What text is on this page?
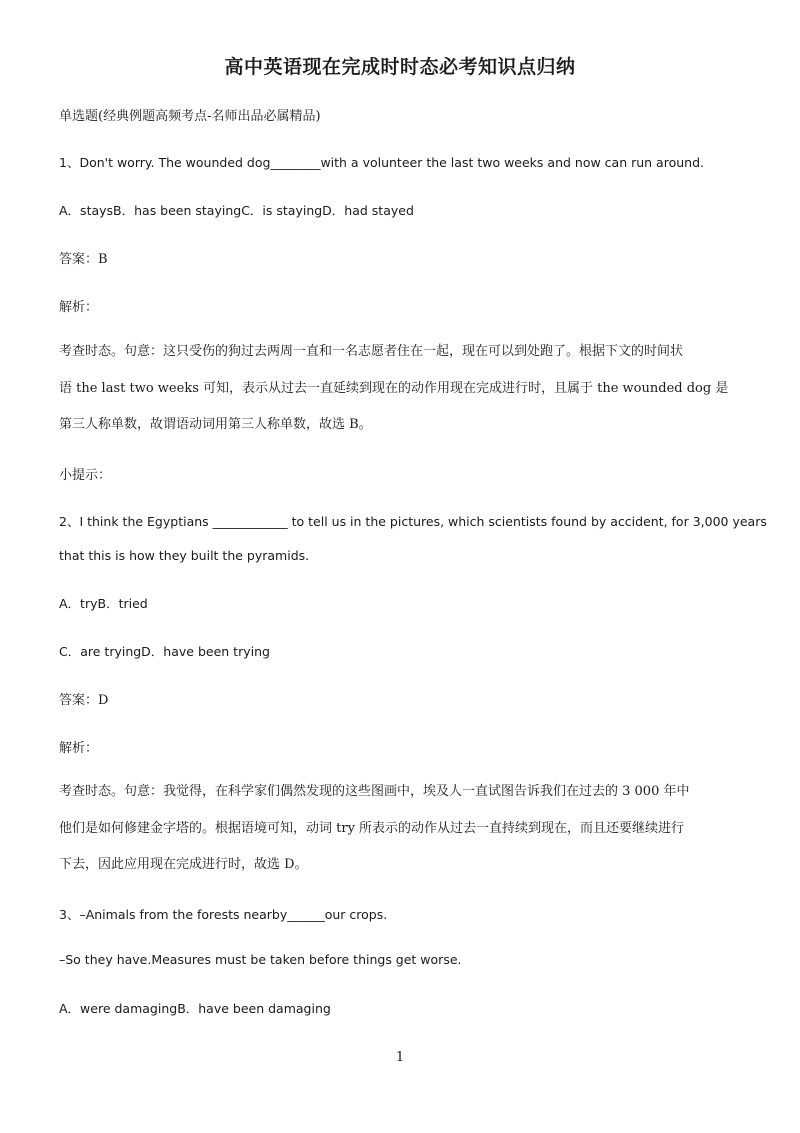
高中英语现在完成时时态必考知识点归纳
单选题(经典例题高频考点-名师出品必属精品)
1、Don't worry. The wounded dog________with a volunteer the last two weeks and now can run around.
A．staysB．has been stayingC．is stayingD．had stayed
答案：B
解析：
考查时态。句意：这只受伤的狗过去两周一直和一名志愿者住在一起，现在可以到处跑了。根据下文的时间状
语 the last two weeks 可知，表示从过去一直延续到现在的动作用现在完成进行时，且属于 the wounded dog 是
第三人称单数，故谓语动词用第三人称单数，故选 B。
小提示：
2、I think the Egyptians ____________ to tell us in the pictures, which scientists found by accident, for 3,000 years
that this is how they built the pyramids.
A．tryB．tried
C．are tryingD．have been trying
答案：D
解析：
考查时态。句意：我觉得，在科学家们偶然发现的这些图画中，埃及人一直试图告诉我们在过去的 3 000 年中
他们是如何修建金字塔的。根据语境可知，动词 try 所表示的动作从过去一直持续到现在，而且还要继续进行
下去，因此应用现在完成进行时，故选 D。
3、–Animals from the forests nearby______our crops.
–So they have.Measures must be taken before things get worse.
A．were damagingB．have been damaging
1
